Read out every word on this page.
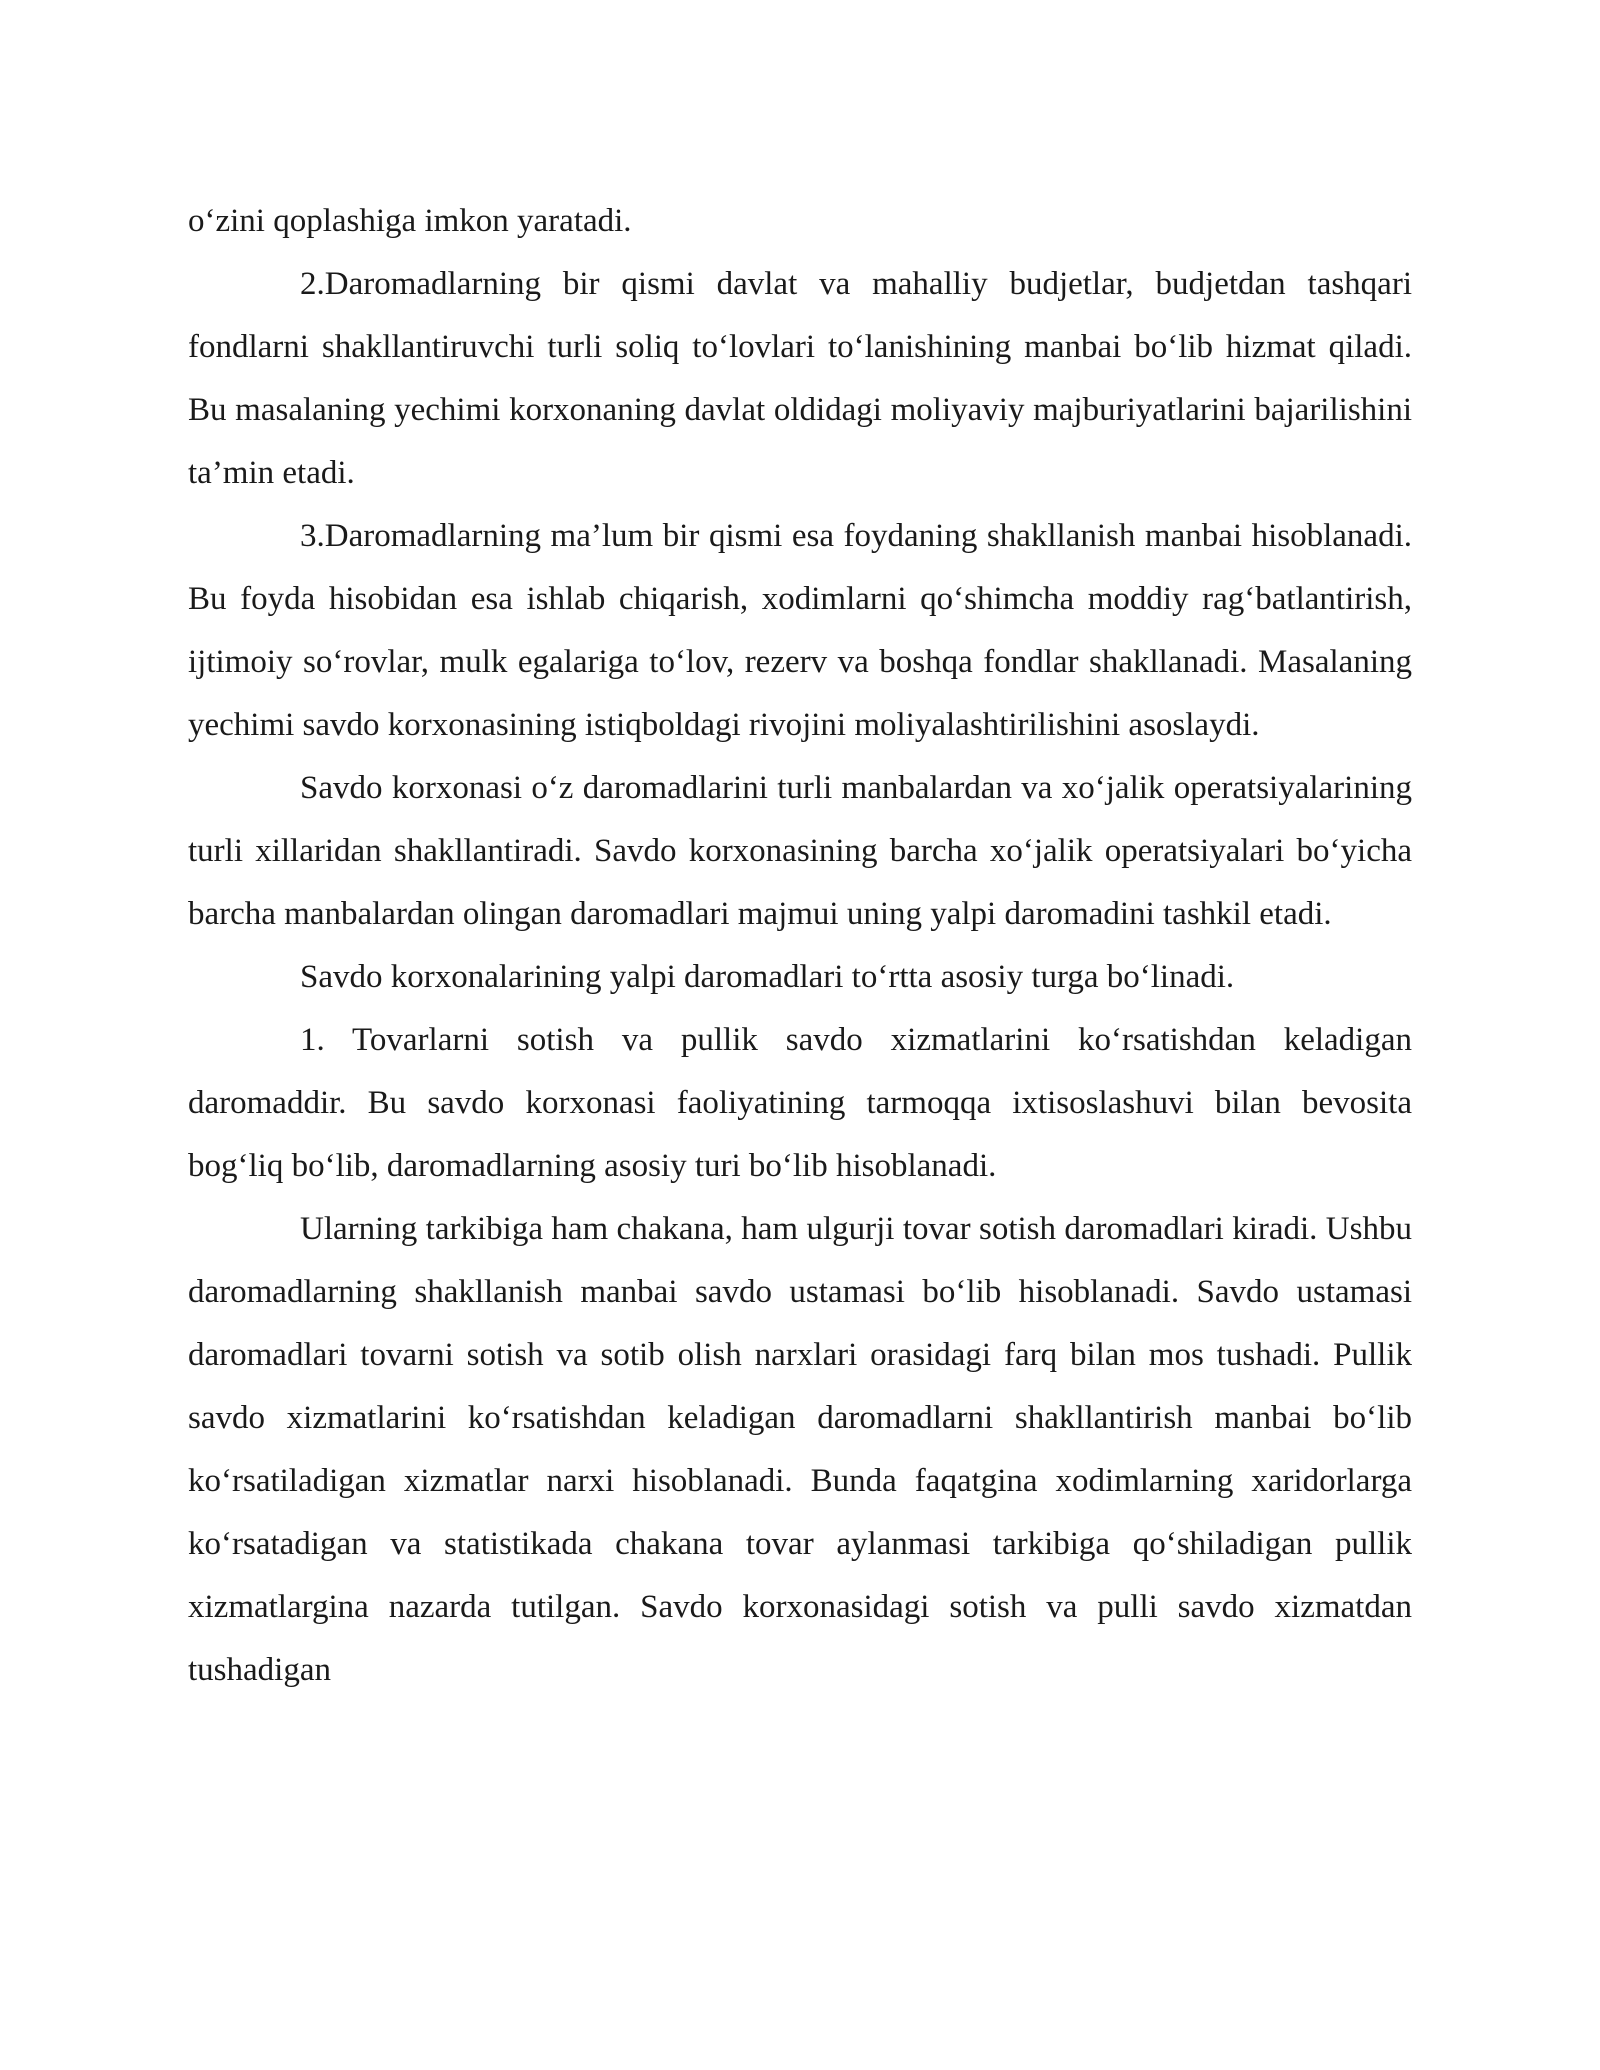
o‘zini qoplashiga imkon yaratadi.

2.Daromadlarning bir qismi davlat va mahalliy budjetlar, budjetdan tashqari fondlarni shakllantiruvchi turli soliq to‘lovlari to‘lanishining manbai bo‘lib hizmat qiladi. Bu masalaning yechimi korxonaning davlat oldidagi moliyaviy majburiyatlarini bajarilishini ta’min etadi.

3.Daromadlarning ma’lum bir qismi esa foydaning shakllanish manbai hisoblanadi. Bu foyda hisobidan esa ishlab chiqarish, xodimlarni qo‘shimcha moddiy rag‘batlantirish, ijtimoiy so‘rovlar, mulk egalariga to‘lov, rezerv va boshqa fondlar shakllanadi. Masalaning yechimi savdo korxonasining istiqboldagi rivojini moliyalashtirilishini asoslaydi.

Savdo korxonasi o‘z daromadlarini turli manbalardan va xo‘jalik operatsiyalarining turli xillaridan shakllantiradi. Savdo korxonasining barcha xo‘jalik operatsiyalari bo‘yicha barcha manbalardan olingan daromadlari majmui uning yalpi daromadini tashkil etadi.

Savdo korxonalarining yalpi daromadlari to‘rtta asosiy turga bo‘linadi.

1. Tovarlarni sotish va pullik savdo xizmatlarini ko‘rsatishdan keladigan daromaddir. Bu savdo korxonasi faoliyatining tarmoqqa ixtisoslashuvi bilan bevosita bog‘liq bo‘lib, daromadlarning asosiy turi bo‘lib hisoblanadi.

Ularning tarkibiga ham chakana, ham ulgurji tovar sotish daromadlari kiradi. Ushbu daromadlarning shakllanish manbai savdo ustamasi bo‘lib hisoblanadi. Savdo ustamasi daromadlari tovarni sotish va sotib olish narxlari orasidagi farq bilan mos tushadi. Pullik savdo xizmatlarini ko‘rsatishdan keladigan daromadlarni shakllantirish manbai bo‘lib ko‘rsatiladigan xizmatlar narxi hisoblanadi. Bunda faqatgina xodimlarning xaridorlarga ko‘rsatadigan va statistikada chakana tovar aylanmasi tarkibiga qo‘shiladigan pullik xizmatlargina nazarda tutilgan. Savdo korxonasidagi sotish va pulli savdo xizmatdan tushadigan
